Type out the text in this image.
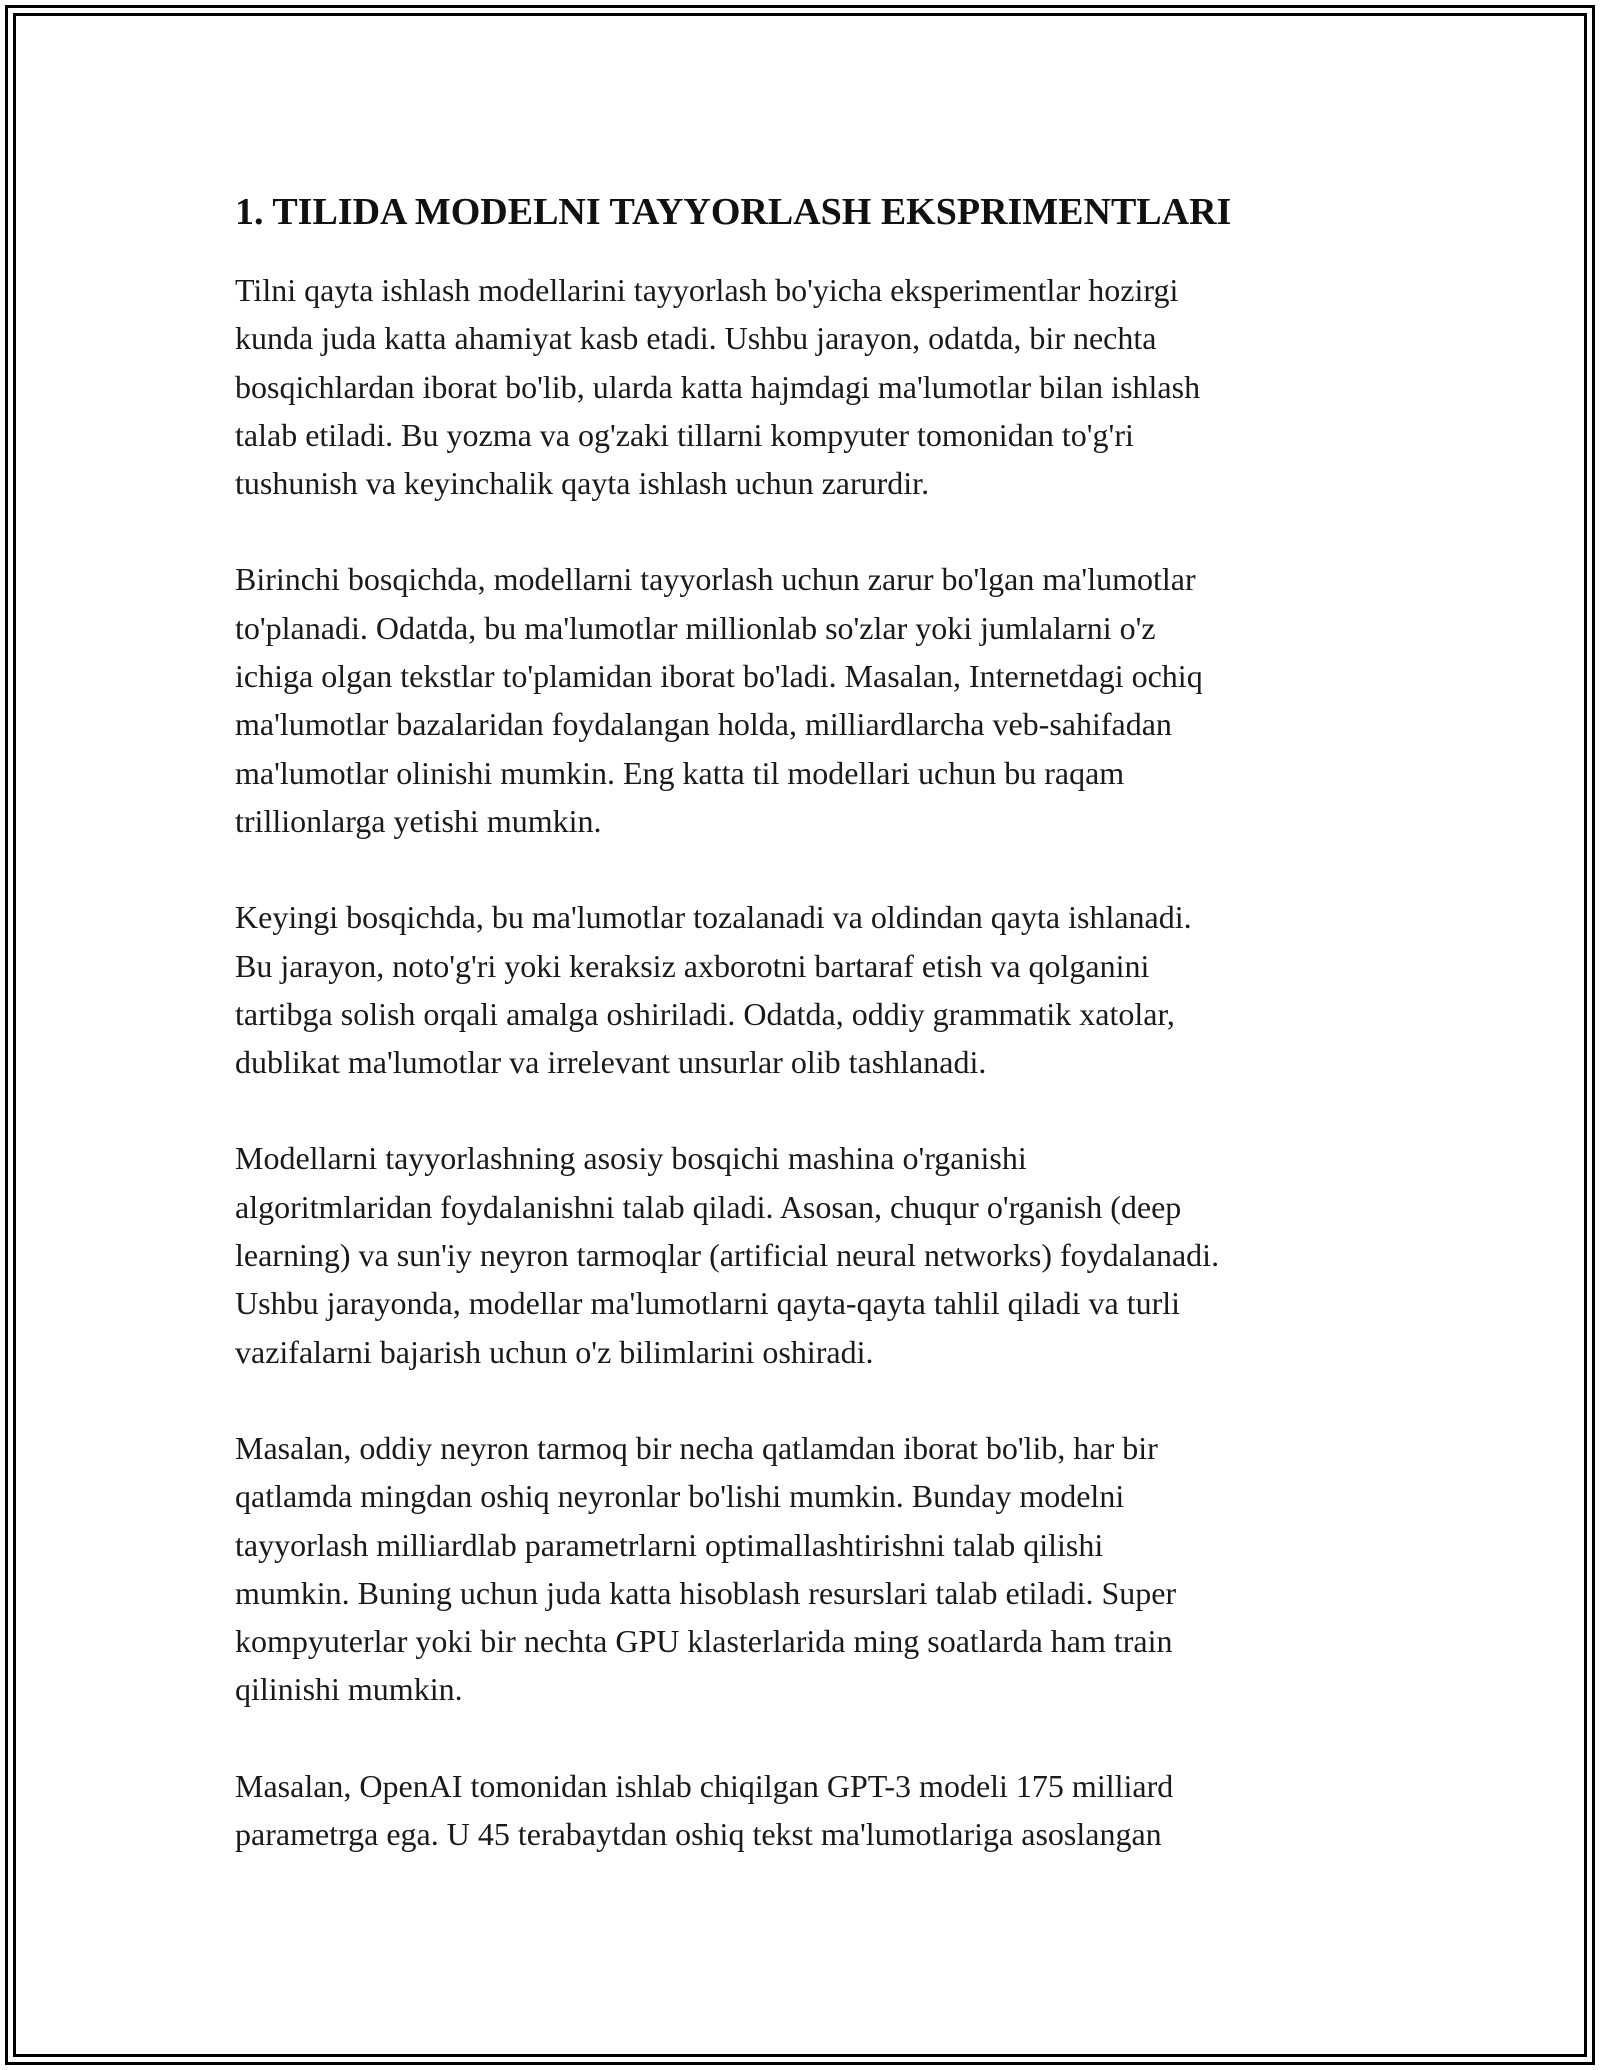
1. TILIDA MODELNI TAYYORLASH EKSPRIMENTLARI

Tilni qayta ishlash modellarini tayyorlash bo'yicha eksperimentlar hozirgi
kunda juda katta ahamiyat kasb etadi. Ushbu jarayon, odatda, bir nechta
bosqichlardan iborat bo'lib, ularda katta hajmdagi ma'lumotlar bilan ishlash
talab etiladi. Bu yozma va og'zaki tillarni kompyuter tomonidan to'g'ri
tushunish va keyinchalik qayta ishlash uchun zarurdir.

Birinchi bosqichda, modellarni tayyorlash uchun zarur bo'lgan ma'lumotlar
to'planadi. Odatda, bu ma'lumotlar millionlab so'zlar yoki jumlalarni o'z
ichiga olgan tekstlar to'plamidan iborat bo'ladi. Masalan, Internetdagi ochiq
ma'lumotlar bazalaridan foydalangan holda, milliardlarcha veb-sahifadan
ma'lumotlar olinishi mumkin. Eng katta til modellari uchun bu raqam
trillionlarga yetishi mumkin.

Keyingi bosqichda, bu ma'lumotlar tozalanadi va oldindan qayta ishlanadi.
Bu jarayon, noto'g'ri yoki keraksiz axborotni bartaraf etish va qolganini
tartibga solish orqali amalga oshiriladi. Odatda, oddiy grammatik xatolar,
dublikat ma'lumotlar va irrelevant unsurlar olib tashlanadi.

Modellarni tayyorlashning asosiy bosqichi mashina o'rganishi
algoritmlaridan foydalanishni talab qiladi. Asosan, chuqur o'rganish (deep
learning) va sun'iy neyron tarmoqlar (artificial neural networks) foydalanadi.
Ushbu jarayonda, modellar ma'lumotlarni qayta-qayta tahlil qiladi va turli
vazifalarni bajarish uchun o'z bilimlarini oshiradi.

Masalan, oddiy neyron tarmoq bir necha qatlamdan iborat bo'lib, har bir
qatlamda mingdan oshiq neyronlar bo'lishi mumkin. Bunday modelni
tayyorlash milliardlab parametrlarni optimallashtirishni talab qilishi
mumkin. Buning uchun juda katta hisoblash resurslari talab etiladi. Super
kompyuterlar yoki bir nechta GPU klasterlarida ming soatlarda ham train
qilinishi mumkin.

Masalan, OpenAI tomonidan ishlab chiqilgan GPT-3 modeli 175 milliard
parametrga ega. U 45 terabaytdan oshiq tekst ma'lumotlariga asoslangan
